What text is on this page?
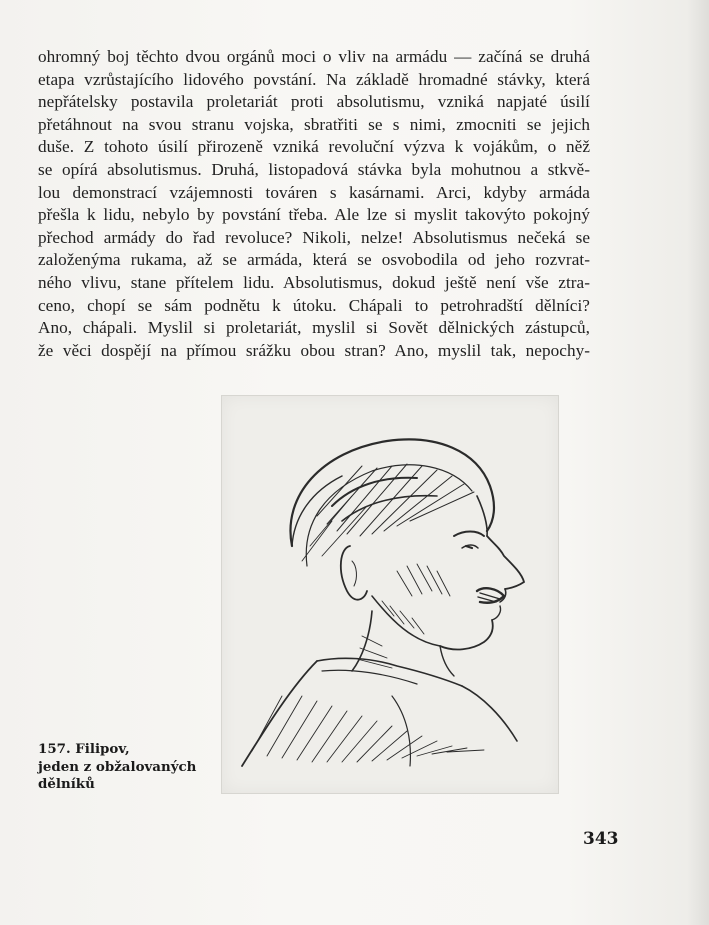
ohromný boj těchto dvou orgánů moci o vliv na armádu — začíná se druhá
etapa vzrůstajícího lidového povstání. Na základě hromadné stávky, která
nepřátelsky postavila proletariát proti absolutismu, vzniká napjaté úsilí
přetáhnout na svou stranu vojska, sbratřiti se s nimi, zmocniti se jejich
duše. Z tohoto úsilí přirozeně vzniká revoluční výzva k vojákům, o něž
se opírá absolutismus. Druhá, listopadová stávka byla mohutnou a stkvě-
lou demonstrací vzájemnosti továren s kasárnami. Arci, kdyby armáda
přešla k lidu, nebylo by povstání třeba. Ale lze si myslit takovýto pokojný
přechod armády do řad revoluce? Nikoli, nelze! Absolutismus nečeká se
založenýma rukama, až se armáda, která se osvobodila od jeho rozvrat-
ného vlivu, stane přítelem lidu. Absolutismus, dokud ještě není vše ztra-
ceno, chopí se sám podnětu k útoku. Chápali to petrohradští dělníci?
Ano, chápali. Myslil si proletariát, myslil si Sovět dělnických zástupců,
že věci dospějí na přímou srážku obou stran? Ano, myslil tak, nepochy-
157. Filipov,
jeden z obžalovaných
dělníků
343
